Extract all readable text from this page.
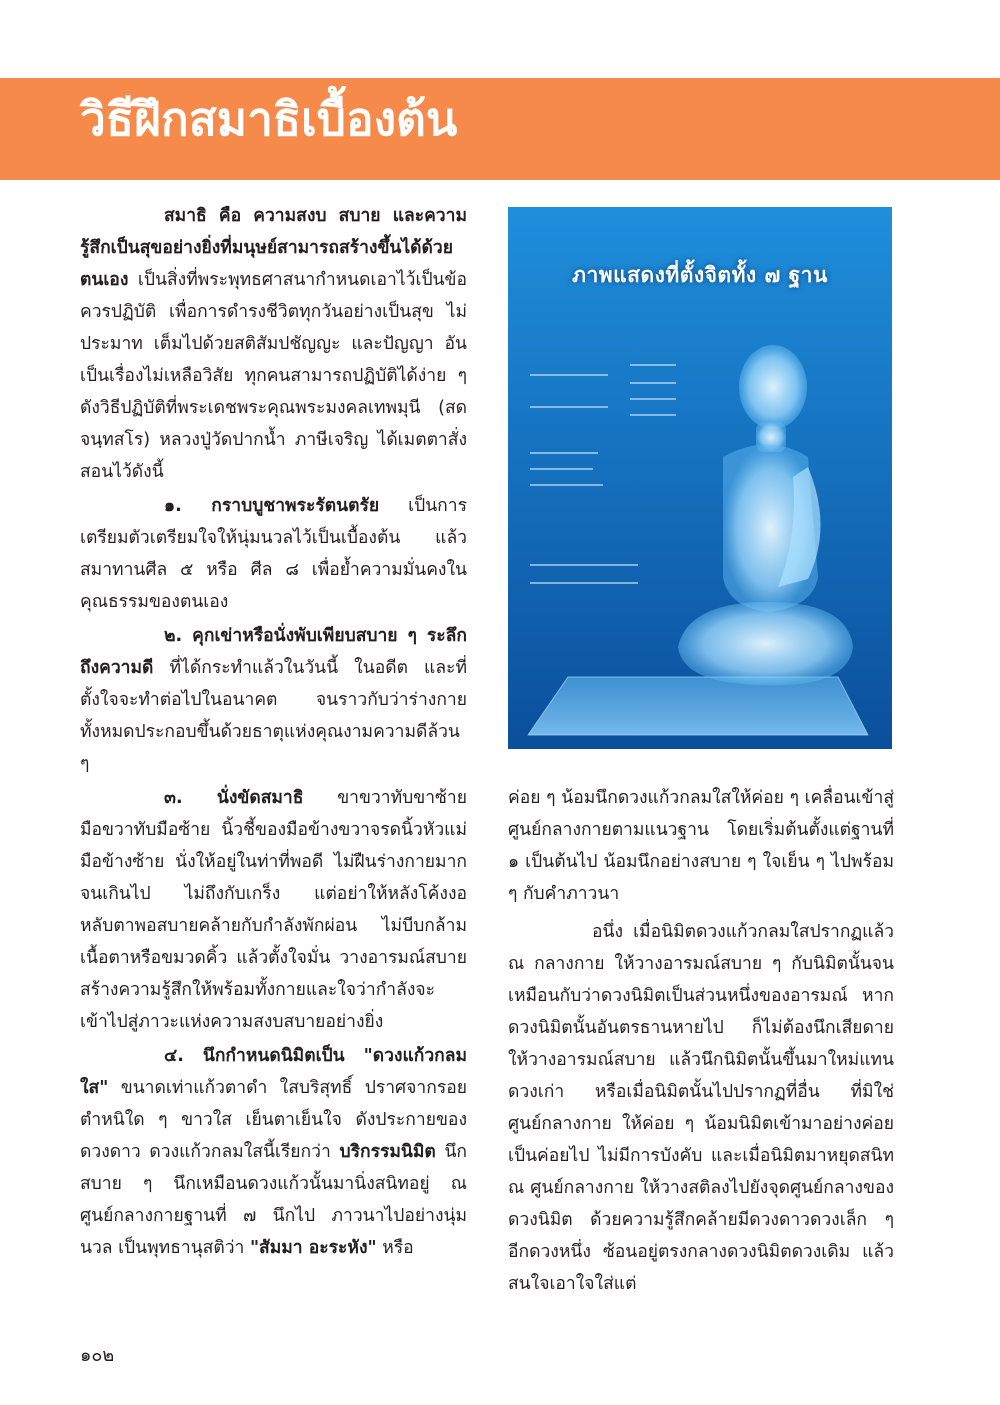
วิธีฝึกสมาธิเบื้องต้น

สมาธิ คือ ความสงบ สบาย และความรู้สึกเป็นสุขอย่างยิ่งที่มนุษย์สามารถสร้างขึ้นได้ด้วยตนเอง เป็นสิ่งที่พระพุทธศาสนากำหนดเอาไว้เป็นข้อควรปฏิบัติ เพื่อการดำรงชีวิตทุกวันอย่างเป็นสุข ไม่ประมาท เต็มไปด้วยสติสัมปชัญญะ และปัญญา อันเป็นเรื่องไม่เหลือวิสัย ทุกคนสามารถปฏิบัติได้ง่าย ๆ ดังวิธีปฏิบัติที่พระเดชพระคุณพระมงคลเทพมุนี (สด จนฺทสโร) หลวงปู่วัดปากน้ำ ภาษีเจริญ ได้เมตตาสั่งสอนไว้ดังนี้

๑. กราบบูชาพระรัตนตรัย เป็นการเตรียมตัวเตรียมใจให้นุ่มนวลไว้เป็นเบื้องต้น แล้วสมาทานศีล ๕ หรือ ศีล ๘ เพื่อย้ำความมั่นคงในคุณธรรมของตนเอง

๒. คุกเข่าหรือนั่งพับเพียบสบาย ๆ ระลึกถึงความดี ที่ได้กระทำแล้วในวันนี้ ในอดีต และที่ตั้งใจจะทำต่อไปในอนาคต จนราวกับว่าร่างกายทั้งหมดประกอบขึ้นด้วยธาตุแห่งคุณงามความดีล้วน ๆ

๓. นั่งขัดสมาธิ ขาขวาทับขาซ้าย มือขวาทับมือซ้าย นิ้วชี้ของมือข้างขวาจรดนิ้วหัวแม่มือข้างซ้าย นั่งให้อยู่ในท่าที่พอดี ไม่ฝืนร่างกายมากจนเกินไป ไม่ถึงกับเกร็ง แต่อย่าให้หลังโค้งงอ หลับตาพอสบายคล้ายกับกำลังพักผ่อน ไม่บีบกล้ามเนื้อตาหรือขมวดคิ้ว แล้วตั้งใจมั่น วางอารมณ์สบาย สร้างความรู้สึกให้พร้อมทั้งกายและใจว่ากำลังจะเข้าไปสู่ภาวะแห่งความสงบสบายอย่างยิ่ง

๔. นึกกำหนดนิมิตเป็น "ดวงแก้วกลมใส" ขนาดเท่าแก้วตาดำ ใสบริสุทธิ์ ปราศจากรอยตำหนิใด ๆ ขาวใส เย็นตาเย็นใจ ดังประกายของดวงดาว ดวงแก้วกลมใสนี้เรียกว่า บริกรรมนิมิต นึกสบาย ๆ นึกเหมือนดวงแก้วนั้นมานิ่งสนิทอยู่ ณ ศูนย์กลางกายฐานที่ ๗ นึกไป ภาวนาไปอย่างนุ่มนวล เป็นพุทธานุสติว่า "สัมมา อะระหัง" หรือ

ภาพแสดงที่ตั้งจิตทั้ง ๗ ฐาน

ค่อย ๆ น้อมนึกดวงแก้วกลมใสให้ค่อย ๆ เคลื่อนเข้าสู่ศูนย์กลางกายตามแนวฐาน โดยเริ่มต้นตั้งแต่ฐานที่ ๑ เป็นต้นไป น้อมนึกอย่างสบาย ๆ ใจเย็น ๆ ไปพร้อม ๆ กับคำภาวนา

อนึ่ง เมื่อนิมิตดวงแก้วกลมใสปรากฏแล้ว ณ กลางกาย ให้วางอารมณ์สบาย ๆ กับนิมิตนั้นจนเหมือนกับว่าดวงนิมิตเป็นส่วนหนึ่งของอารมณ์ หากดวงนิมิตนั้นอันตรธานหายไป ก็ไม่ต้องนึกเสียดาย ให้วางอารมณ์สบาย แล้วนึกนิมิตนั้นขึ้นมาใหม่แทนดวงเก่า หรือเมื่อนิมิตนั้นไปปรากฏที่อื่น ที่มิใช่ศูนย์กลางกาย ให้ค่อย ๆ น้อมนิมิตเข้ามาอย่างค่อยเป็นค่อยไป ไม่มีการบังคับ และเมื่อนิมิตมาหยุดสนิท ณ ศูนย์กลางกาย ให้วางสติลงไปยังจุดศูนย์กลางของดวงนิมิต ด้วยความรู้สึกคล้ายมีดวงดาวดวงเล็ก ๆ อีกดวงหนึ่ง ซ้อนอยู่ตรงกลางดวงนิมิตดวงเดิม แล้วสนใจเอาใจใส่แต่

๑๐๒
